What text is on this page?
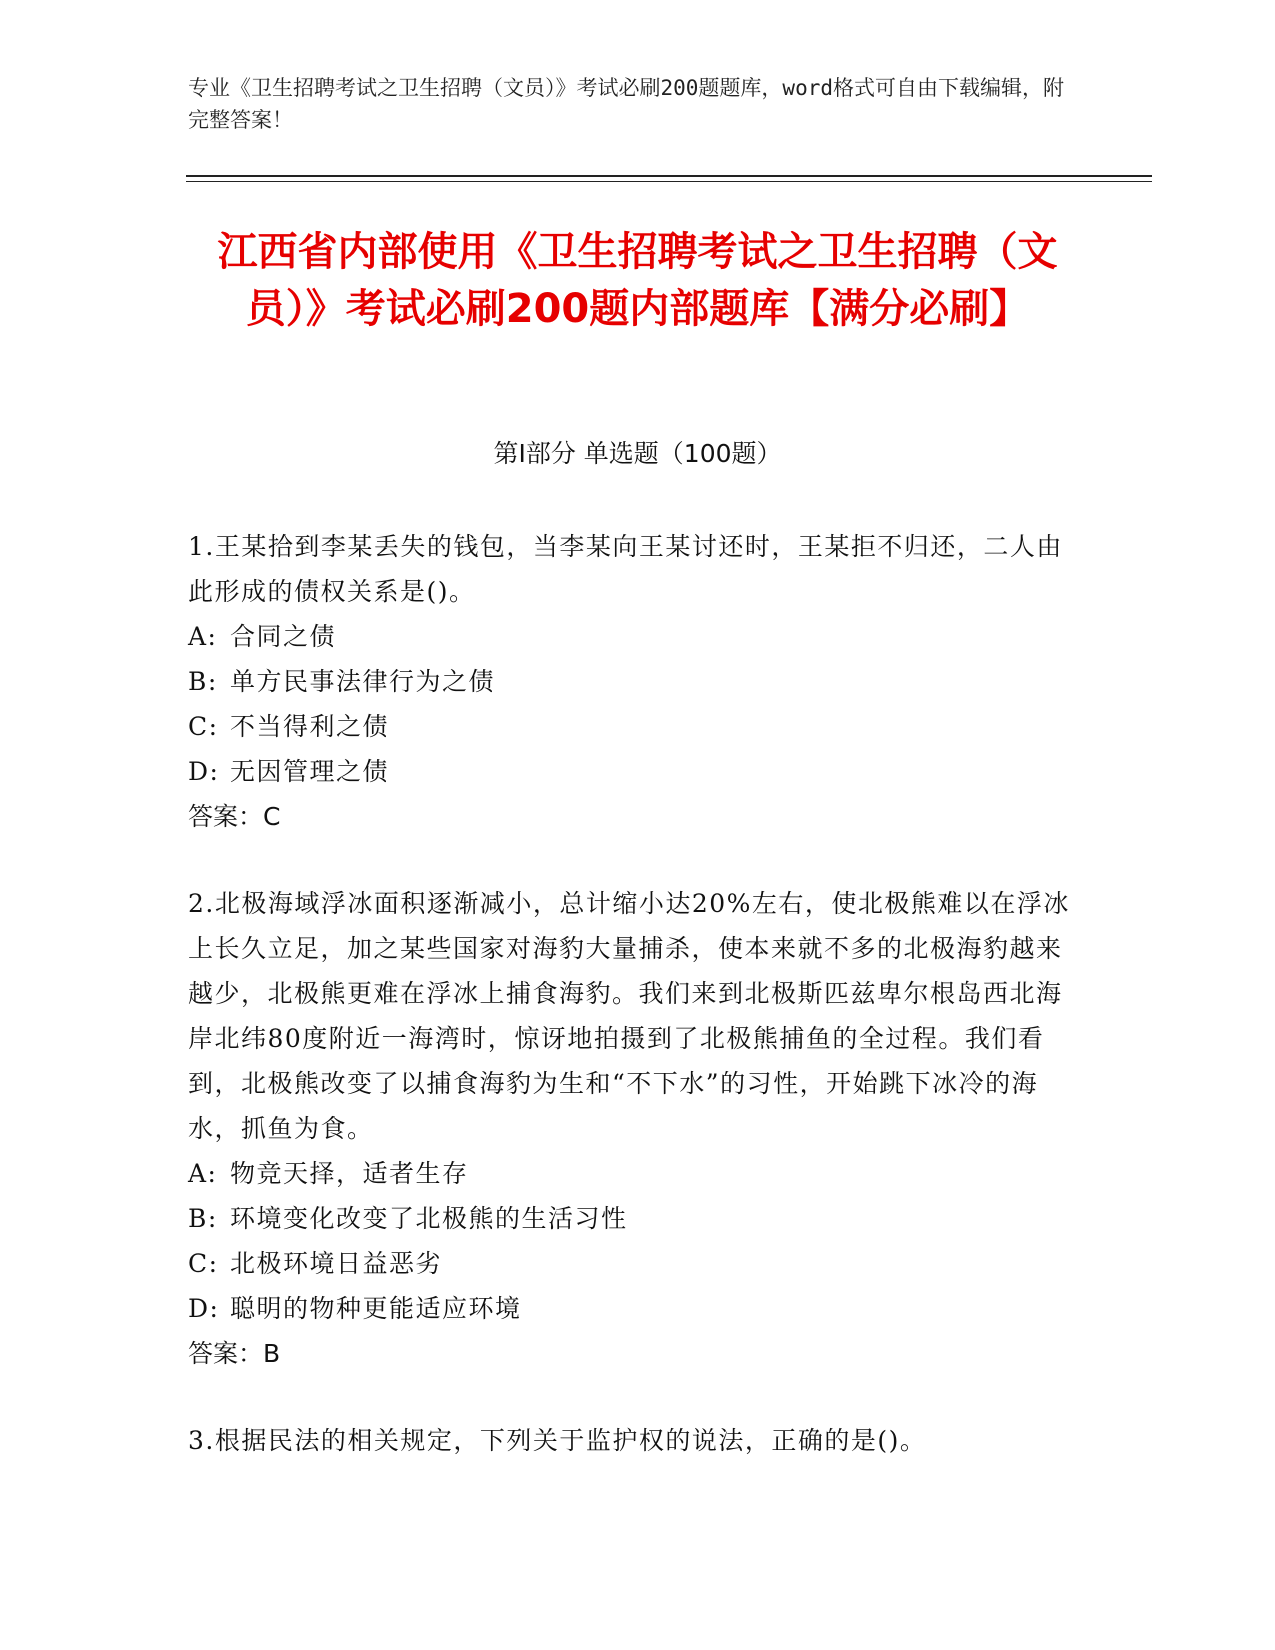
专业《卫生招聘考试之卫生招聘（文员）》考试必刷200题题库，word格式可自由下载编辑，附完整答案！
江西省内部使用《卫生招聘考试之卫生招聘（文员）》考试必刷200题内部题库【满分必刷】
第Ⅰ部分 单选题（100题）
1.王某拾到李某丢失的钱包，当李某向王某讨还时，王某拒不归还，二人由此形成的债权关系是()。
A: 合同之债
B: 单方民事法律行为之债
C: 不当得利之债
D: 无因管理之债
答案：C
2.北极海域浮冰面积逐渐减小，总计缩小达20%左右，使北极熊难以在浮冰上长久立足，加之某些国家对海豹大量捕杀，使本来就不多的北极海豹越来越少，北极熊更难在浮冰上捕食海豹。我们来到北极斯匹兹卑尔根岛西北海岸北纬80度附近一海湾时，惊讶地拍摄到了北极熊捕鱼的全过程。我们看到，北极熊改变了以捕食海豹为生和“不下水”的习性，开始跳下冰冷的海水，抓鱼为食。
A: 物竞天择，适者生存
B: 环境变化改变了北极熊的生活习性
C: 北极环境日益恶劣
D: 聪明的物种更能适应环境
答案：B
3.根据民法的相关规定，下列关于监护权的说法，正确的是()。
